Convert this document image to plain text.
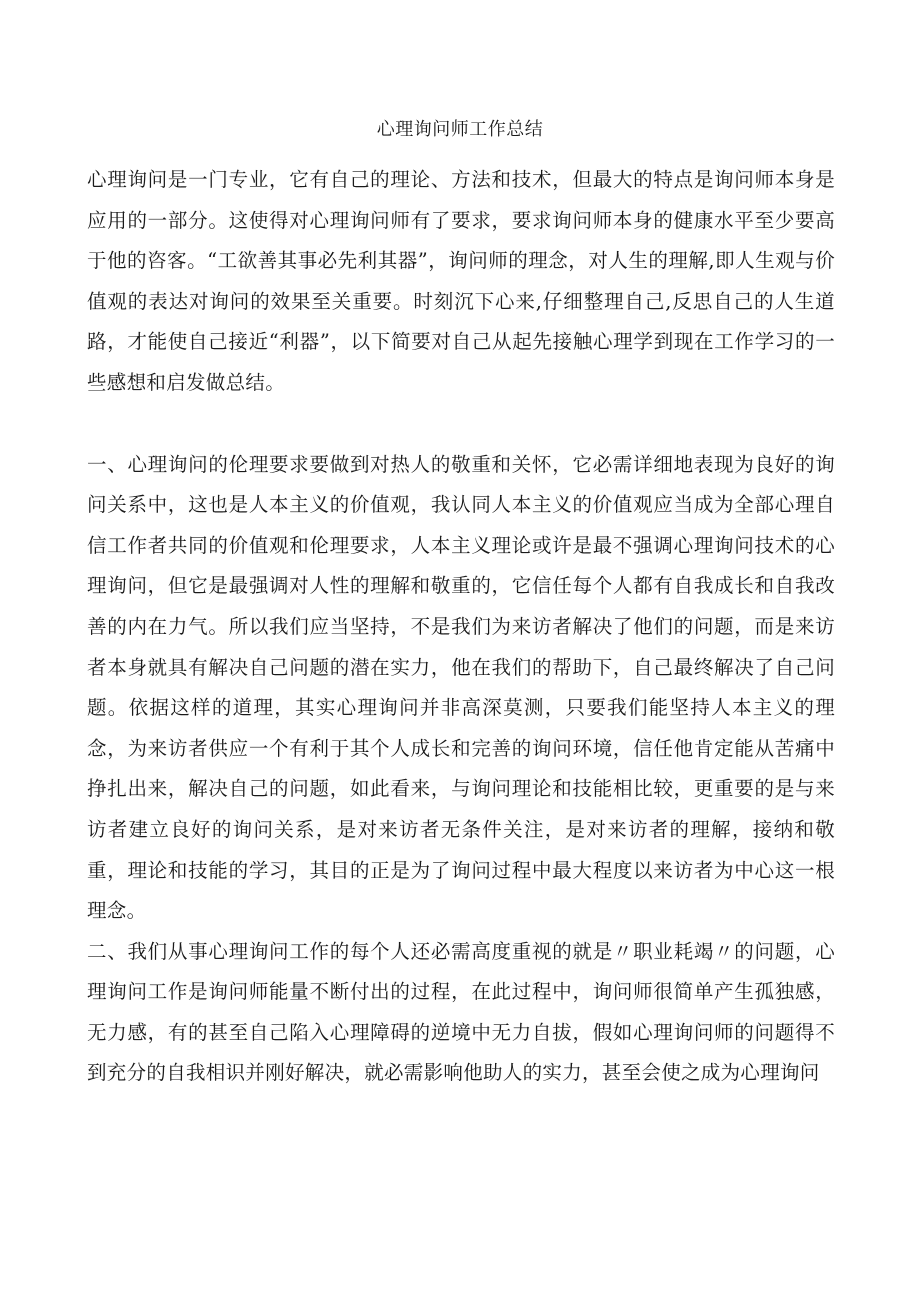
心理询问师工作总结

心理询问是一门专业，它有自己的理论、方法和技术，但最大的特点是询问师本身是应用的一部分。这使得对心理询问师有了要求，要求询问师本身的健康水平至少要高于他的咨客。“工欲善其事必先利其器”，询问师的理念，对人生的理解,即人生观与价值观的表达对询问的效果至关重要。时刻沉下心来,仔细整理自己,反思自己的人生道路，才能使自己接近“利器”，以下简要对自己从起先接触心理学到现在工作学习的一些感想和启发做总结。

一、心理询问的伦理要求要做到对热人的敬重和关怀，它必需详细地表现为良好的询问关系中，这也是人本主义的价值观，我认同人本主义的价值观应当成为全部心理自信工作者共同的价值观和伦理要求，人本主义理论或许是最不强调心理询问技术的心理询问，但它是最强调对人性的理解和敬重的，它信任每个人都有自我成长和自我改善的内在力气。所以我们应当坚持，不是我们为来访者解决了他们的问题，而是来访者本身就具有解决自己问题的潜在实力，他在我们的帮助下，自己最终解决了自己问题。依据这样的道理，其实心理询问并非高深莫测，只要我们能坚持人本主义的理念，为来访者供应一个有利于其个人成长和完善的询问环境，信任他肯定能从苦痛中挣扎出来，解决自己的问题，如此看来，与询问理论和技能相比较，更重要的是与来访者建立良好的询问关系，是对来访者无条件关注，是对来访者的理解，接纳和敬重，理论和技能的学习，其目的正是为了询问过程中最大程度以来访者为中心这一根理念。

二、我们从事心理询问工作的每个人还必需高度重视的就是〃职业耗竭〃的问题，心理询问工作是询问师能量不断付出的过程，在此过程中，询问师很简单产生孤独感，无力感，有的甚至自己陷入心理障碍的逆境中无力自拔，假如心理询问师的问题得不到充分的自我相识并刚好解决，就必需影响他助人的实力，甚至会使之成为心理询问
